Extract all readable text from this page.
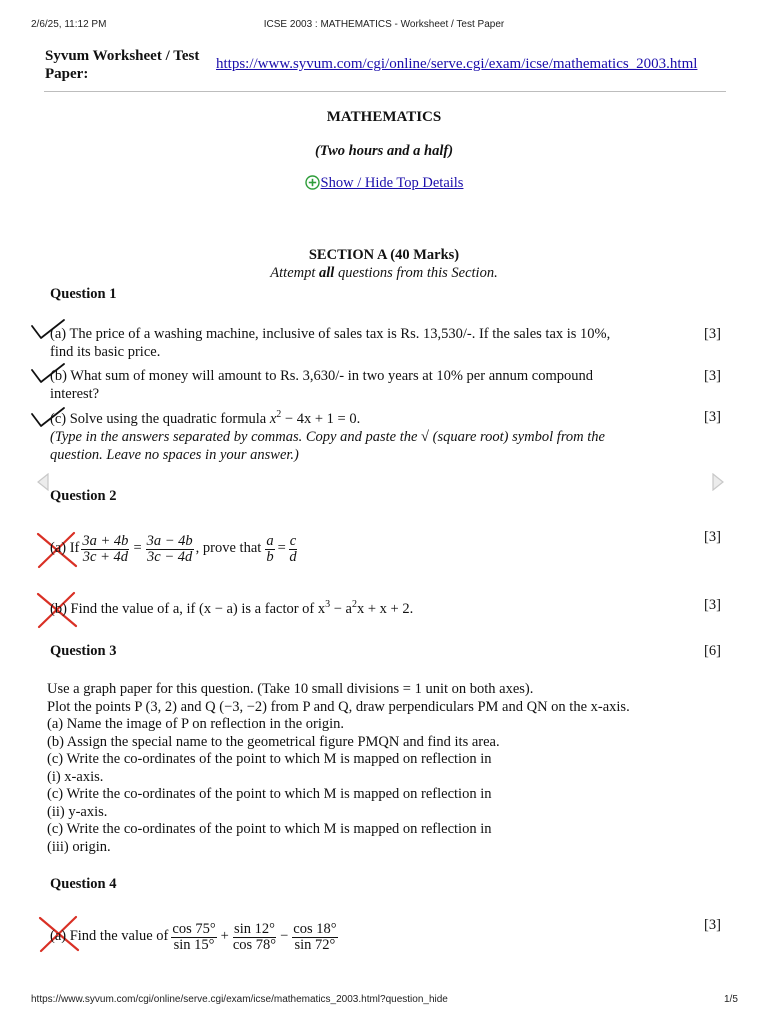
2/6/25, 11:12 PM	ICSE 2003 : MATHEMATICS - Worksheet / Test Paper
Syvum Worksheet / Test
Paper:
https://www.syvum.com/cgi/online/serve.cgi/exam/icse/mathematics_2003.html
MATHEMATICS
(Two hours and a half)
Show / Hide Top Details
SECTION A (40 Marks)
Attempt all questions from this Section.
Question 1
(a) The price of a washing machine, inclusive of sales tax is Rs. 13,530/-. If the sales tax is 10%,
find its basic price.
[3]
(b) What sum of money will amount to Rs. 3,630/- in two years at 10% per annum compound
interest?
[3]
(c) Solve using the quadratic formula $x^2 - 4x + 1 = 0$.	[3]
(Type in the answers separated by commas. Copy and paste the √ (square root) symbol from the
question. Leave no spaces in your answer.)
Question 2
(a) If $\frac{3a + 4b}{3c + 4d} = \frac{3a - 4b}{3c - 4d}$ , prove that $\frac{a}{b} = \frac{c}{d}$	[3]
(b) Find the value of a, if (x − a) is a factor of $x^3 - a^2x + x + 2$.	[3]
Question 3	[6]
Use a graph paper for this question. (Take 10 small divisions = 1 unit on both axes).
Plot the points P (3, 2) and Q (−3, −2) from P and Q, draw perpendiculars PM and QN on the x-axis.
(a) Name the image of P on reflection in the origin.
(b) Assign the special name to the geometrical figure PMQN and find its area.
(c) Write the co-ordinates of the point to which M is mapped on reflection in
(i) x-axis.
(c) Write the co-ordinates of the point to which M is mapped on reflection in
(ii) y-axis.
(c) Write the co-ordinates of the point to which M is mapped on reflection in
(iii) origin.
Question 4
(a) Find the value of $\frac{\cos 75^\circ}{\sin 15^\circ} + \frac{\sin 12^\circ}{\cos 78^\circ} - \frac{\cos 18^\circ}{\sin 72^\circ}$	[3]
https://www.syvum.com/cgi/online/serve.cgi/exam/icse/mathematics_2003.html?question_hide	1/5
